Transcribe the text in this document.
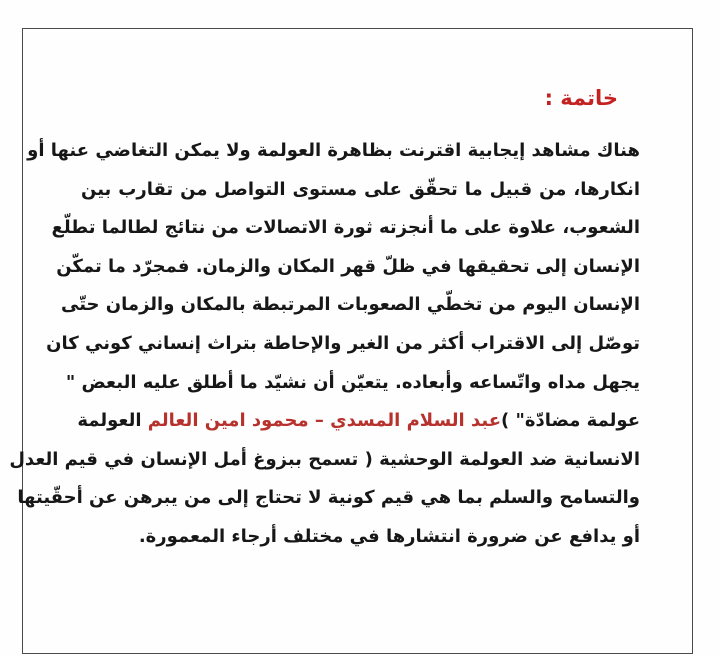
خاتمة :
هناك مشاهد إيجابية اقترنت بظاهرة العولمة ولا يمكن التغاضي عنها أو
انكارها، من قبيل ما تحقّق على مستوى التواصل من تقارب بين
الشعوب، علاوة على ما أنجزته ثورة الاتصالات من نتائج لطالما تطلّع
الإنسان إلى تحقيقها في ظلّ قهر المكان والزمان. فمجرّد ما تمكّن
الإنسان اليوم من تخطّي الصعوبات المرتبطة بالمكان والزمان حتّى
توصّل إلى الاقتراب أكثر من الغير والإحاطة بتراث إنساني كوني كان
يجهل مداه واتّساعه وأبعاده. يتعيّن أن نشيّد ما أطلق عليه البعض "
عولمة مضادّة" (عبد السلام المسدي – محمود امين العالم العولمة
الانسانية ضد العولمة الوحشية ) تسمح ببزوغ أمل الإنسان في قيم العدل
والتسامح والسلم بما هي قيم كونية لا تحتاج إلى من يبرهن عن أحقّيتها
أو يدافع عن ضرورة انتشارها في مختلف أرجاء المعمورة.
